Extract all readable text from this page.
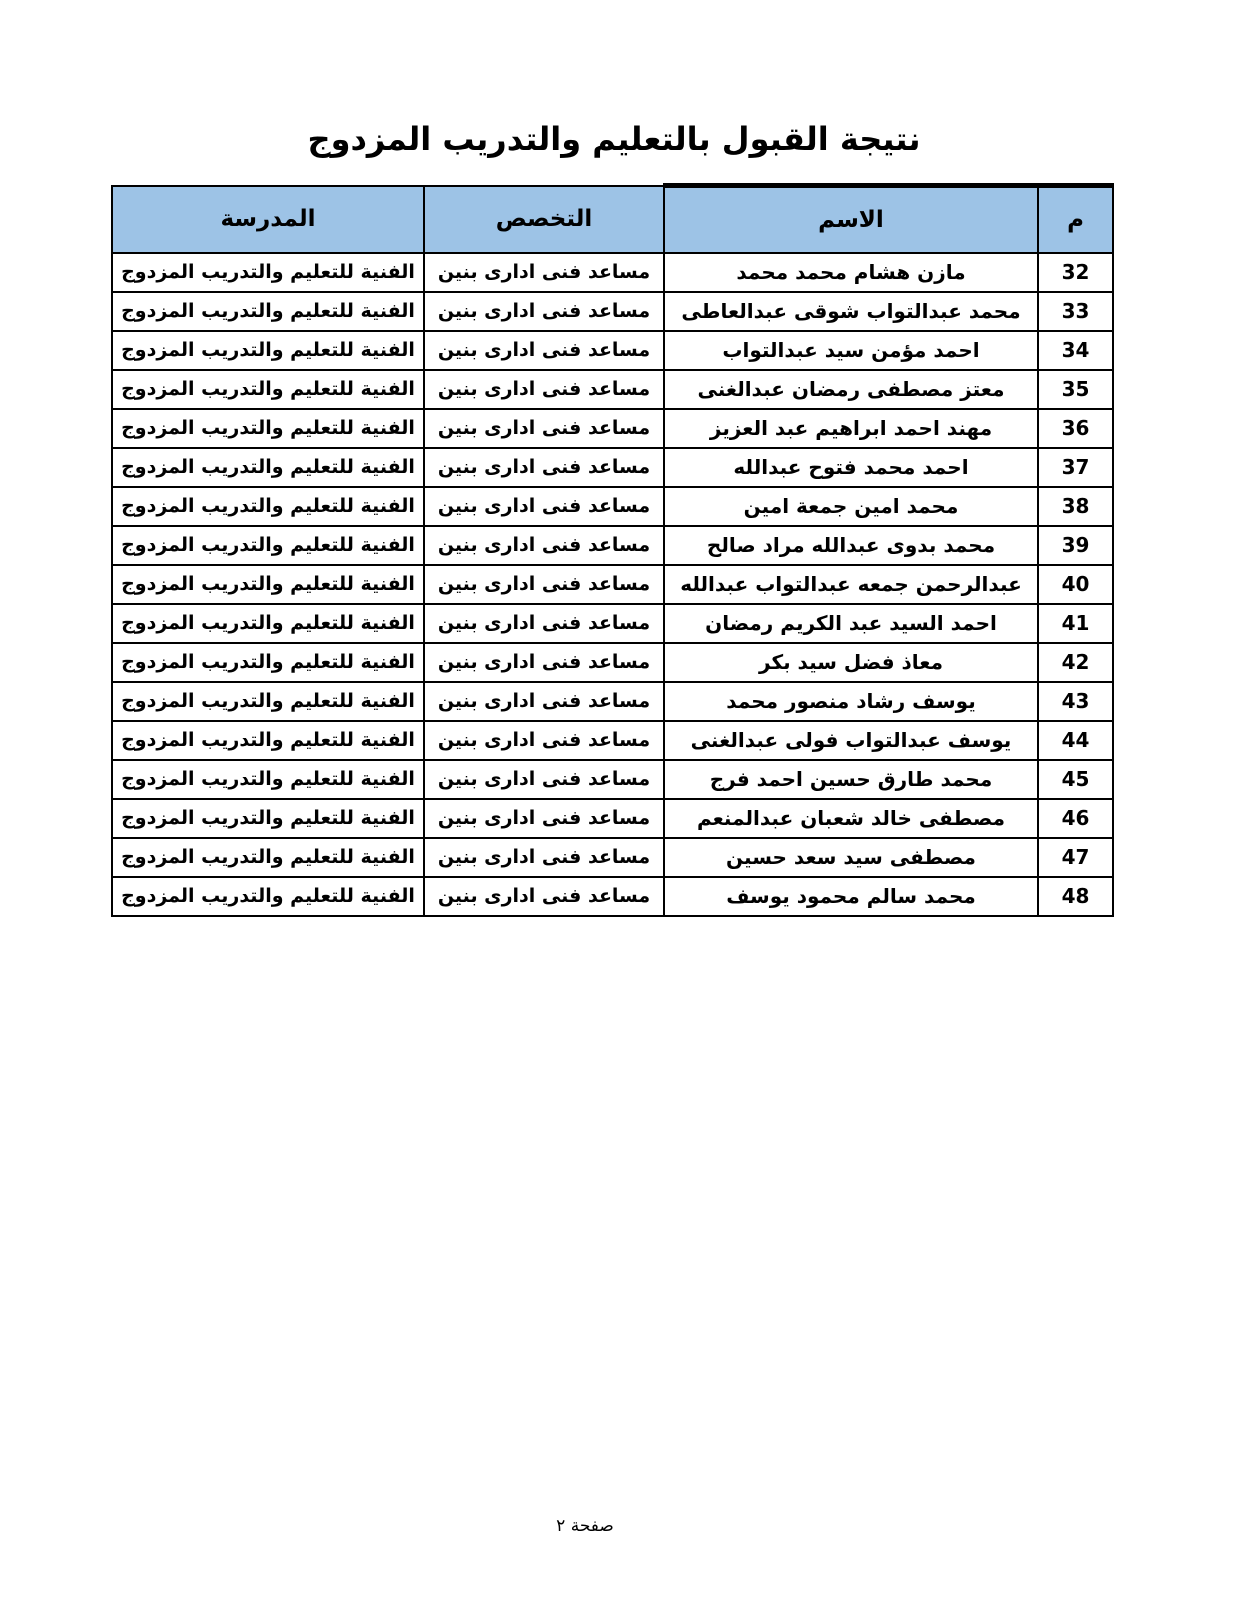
نتيجة القبول بالتعليم والتدريب المزدوج
م	الاسم	التخصص	المدرسة
32	مازن هشام محمد محمد	مساعد فنى ادارى بنين	الفنية للتعليم والتدريب المزدوج
33	محمد عبدالتواب شوقى عبدالعاطى	مساعد فنى ادارى بنين	الفنية للتعليم والتدريب المزدوج
34	احمد مؤمن سيد عبدالتواب	مساعد فنى ادارى بنين	الفنية للتعليم والتدريب المزدوج
35	معتز مصطفى رمضان عبدالغنى	مساعد فنى ادارى بنين	الفنية للتعليم والتدريب المزدوج
36	مهند احمد ابراهيم عبد العزيز	مساعد فنى ادارى بنين	الفنية للتعليم والتدريب المزدوج
37	احمد محمد فتوح عبدالله	مساعد فنى ادارى بنين	الفنية للتعليم والتدريب المزدوج
38	محمد امين جمعة امين	مساعد فنى ادارى بنين	الفنية للتعليم والتدريب المزدوج
39	محمد بدوى عبدالله مراد صالح	مساعد فنى ادارى بنين	الفنية للتعليم والتدريب المزدوج
40	عبدالرحمن جمعه عبدالتواب عبدالله	مساعد فنى ادارى بنين	الفنية للتعليم والتدريب المزدوج
41	احمد السيد عبد الكريم رمضان	مساعد فنى ادارى بنين	الفنية للتعليم والتدريب المزدوج
42	معاذ فضل سيد بكر	مساعد فنى ادارى بنين	الفنية للتعليم والتدريب المزدوج
43	يوسف رشاد منصور محمد	مساعد فنى ادارى بنين	الفنية للتعليم والتدريب المزدوج
44	يوسف عبدالتواب فولى عبدالغنى	مساعد فنى ادارى بنين	الفنية للتعليم والتدريب المزدوج
45	محمد طارق حسين احمد فرج	مساعد فنى ادارى بنين	الفنية للتعليم والتدريب المزدوج
46	مصطفى خالد شعبان عبدالمنعم	مساعد فنى ادارى بنين	الفنية للتعليم والتدريب المزدوج
47	مصطفى سيد سعد حسين	مساعد فنى ادارى بنين	الفنية للتعليم والتدريب المزدوج
48	محمد سالم محمود يوسف	مساعد فنى ادارى بنين	الفنية للتعليم والتدريب المزدوج
صفحة ٢
